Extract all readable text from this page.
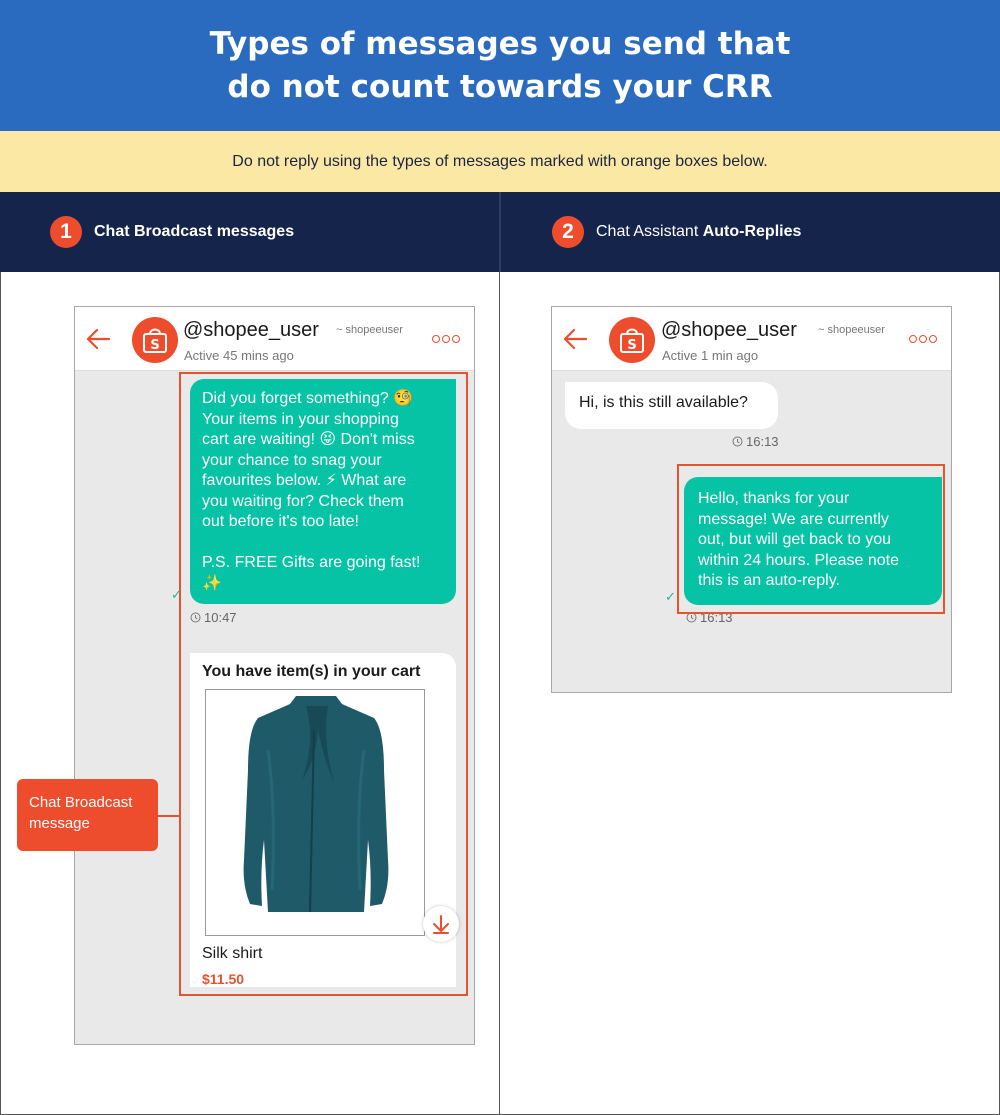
Types of messages you send that do not count towards your CRR
Do not reply using the types of messages marked with orange boxes below.
1	Chat Broadcast messages	2	Chat Assistant Auto-Replies
S
@shopee_user ~ shopeeuser
Active 45 mins ago
Did you forget something? 🧐
Your items in your shopping
cart are waiting! 😝 Don't miss
your chance to snag your
favourites below. ⚡ What are
you waiting for? Check them
out before it's too late!
P.S. FREE Gifts are going fast!
✨
✓
10:47
You have item(s) in your cart
Silk shirt
$11.50
Chat Broadcast message
S
@shopee_user ~ shopeeuser
Active 1 min ago
Hi, is this still available?
16:13
Hello, thanks for your
message! We are currently
out, but will get back to you
within 24 hours. Please note
this is an auto-reply.
✓
16:13
